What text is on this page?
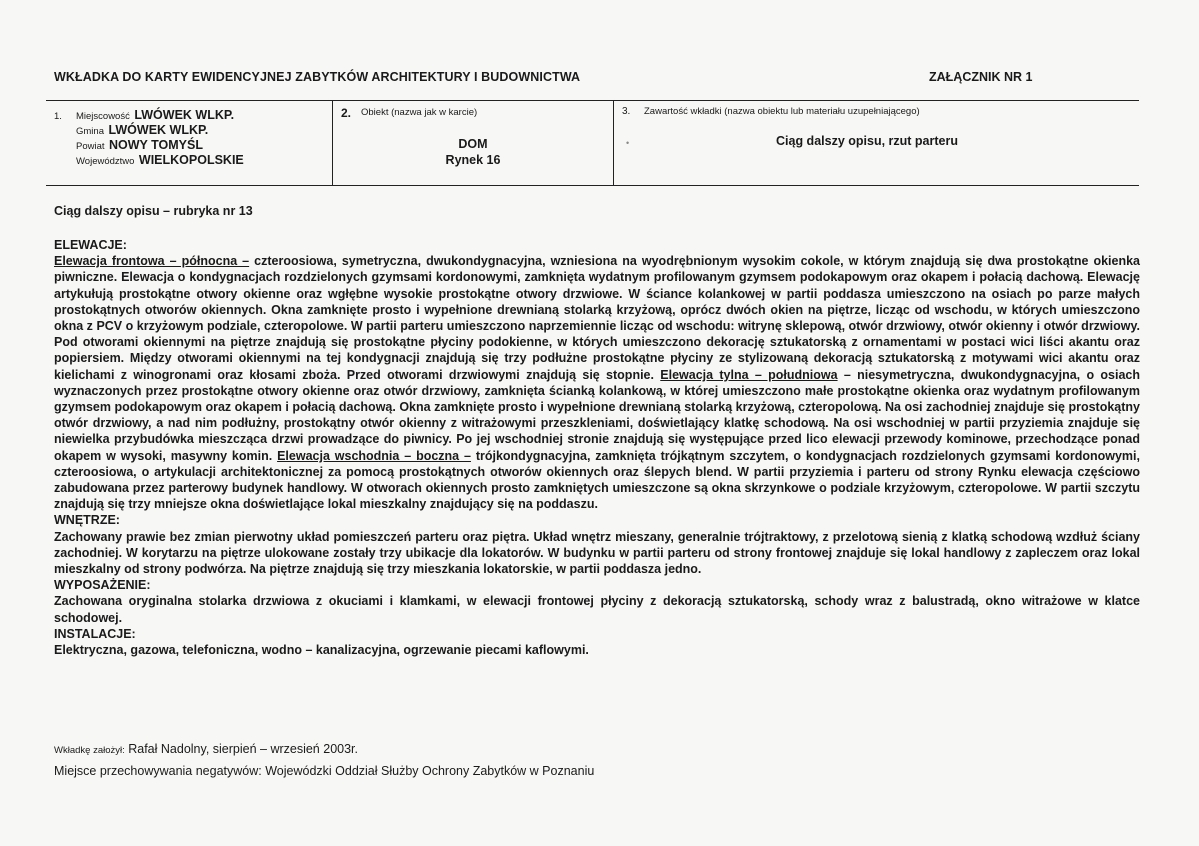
WKŁADKA DO KARTY EWIDENCYJNEJ ZABYTKÓW ARCHITEKTURY I BUDOWNICTWA	ZAŁĄCZNIK NR 1
1. Miejscowość LWÓWEK WLKP.
Gmina LWÓWEK WLKP.
Powiat NOWY TOMYŚL
Województwo WIELKOPOLSKIE
2. Obiekt (nazwa jak w karcie)
DOM
Rynek 16
3. Zawartość wkładki (nazwa obiektu lub materiału uzupełniającego)
•	Ciąg dalszy opisu, rzut parteru
Ciąg dalszy opisu – rubryka nr 13

ELEWACJE:

Elewacja frontowa – północna – czteroosiowa, symetryczna, dwukondygnacyjna, wzniesiona na wyodrębnionym wysokim cokole, w którym znajdują się dwa prostokątne okienka piwniczne. Elewacja o kondygnacjach rozdzielonych gzymsami kordonowymi, zamknięta wydatnym profilowanym gzymsem podokapowym oraz okapem i połacią dachową. Elewację artykułują prostokątne otwory okienne oraz wgłębne wysokie prostokątne otwory drzwiowe. W ściance kolankowej w partii poddasza umieszczono na osiach po parze małych prostokątnych otworów okiennych. Okna zamknięte prosto i wypełnione drewnianą stolarką krzyżową, oprócz dwóch okien na piętrze, licząc od wschodu, w których umieszczono okna z PCV o krzyżowym podziale, czteropolowe. W partii parteru umieszczono naprzemiennie licząc od wschodu: witrynę sklepową, otwór drzwiowy, otwór okienny i otwór drzwiowy. Pod otworami okiennymi na piętrze znajdują się prostokątne płyciny podokienne, w których umieszczono dekorację sztukatorską z ornamentami w postaci wici liści akantu oraz popiersiem. Między otworami okiennymi na tej kondygnacji znajdują się trzy podłużne prostokątne płyciny ze stylizowaną dekoracją sztukatorską z motywami wici akantu oraz kielichami z winogronami oraz kłosami zboża. Przed otworami drzwiowymi znajdują się stopnie. Elewacja tylna – południowa – niesymetryczna, dwukondygnacyjna, o osiach wyznaczonych przez prostokątne otwory okienne oraz otwór drzwiowy, zamknięta ścianką kolankową, w której umieszczono małe prostokątne okienka oraz wydatnym profilowanym gzymsem podokapowym oraz okapem i połacią dachową. Okna zamknięte prosto i wypełnione drewnianą stolarką krzyżową, czteropolową. Na osi zachodniej znajduje się prostokątny otwór drzwiowy, a nad nim podłużny, prostokątny otwór okienny z witrażowymi przeszkleniami, doświetlający klatkę schodową. Na osi wschodniej w partii przyziemia znajduje się niewielka przybudówka mieszcząca drzwi prowadzące do piwnicy. Po jej wschodniej stronie znajdują się występujące przed lico elewacji przewody kominowe, przechodzące ponad okapem w wysoki, masywny komin. Elewacja wschodnia – boczna – trójkondygnacyjna, zamknięta trójkątnym szczytem, o kondygnacjach rozdzielonych gzymsami kordonowymi, czteroosiowa, o artykulacji architektonicznej za pomocą prostokątnych otworów okiennych oraz ślepych blend. W partii przyziemia i parteru od strony Rynku elewacja częściowo zabudowana przez parterowy budynek handlowy. W otworach okiennych prosto zamkniętych umieszczone są okna skrzynkowe o podziale krzyżowym, czteropolowe. W partii szczytu znajdują się trzy mniejsze okna doświetlające lokal mieszkalny znajdujący się na poddaszu.

WNĘTRZE:

Zachowany prawie bez zmian pierwotny układ pomieszczeń parteru oraz piętra. Układ wnętrz mieszany, generalnie trójtraktowy, z przelotową sienią z klatką schodową wzdłuż ściany zachodniej. W korytarzu na piętrze ulokowane zostały trzy ubikacje dla lokatorów. W budynku w partii parteru od strony frontowej znajduje się lokal handlowy z zapleczem oraz lokal mieszkalny od strony podwórza. Na piętrze znajdują się trzy mieszkania lokatorskie, w partii poddasza jedno.

WYPOSAŻENIE:

Zachowana oryginalna stolarka drzwiowa z okuciami i klamkami, w elewacji frontowej płyciny z dekoracją sztukatorską, schody wraz z balustradą, okno witrażowe w klatce schodowej.

INSTALACJE:

Elektryczna, gazowa, telefoniczna, wodno – kanalizacyjna, ogrzewanie piecami kaflowymi.

Wkładkę założył: Rafał Nadolny, sierpień – wrzesień 2003r.
Miejsce przechowywania negatywów: Wojewódzki Oddział Służby Ochrony Zabytków w Poznaniu
